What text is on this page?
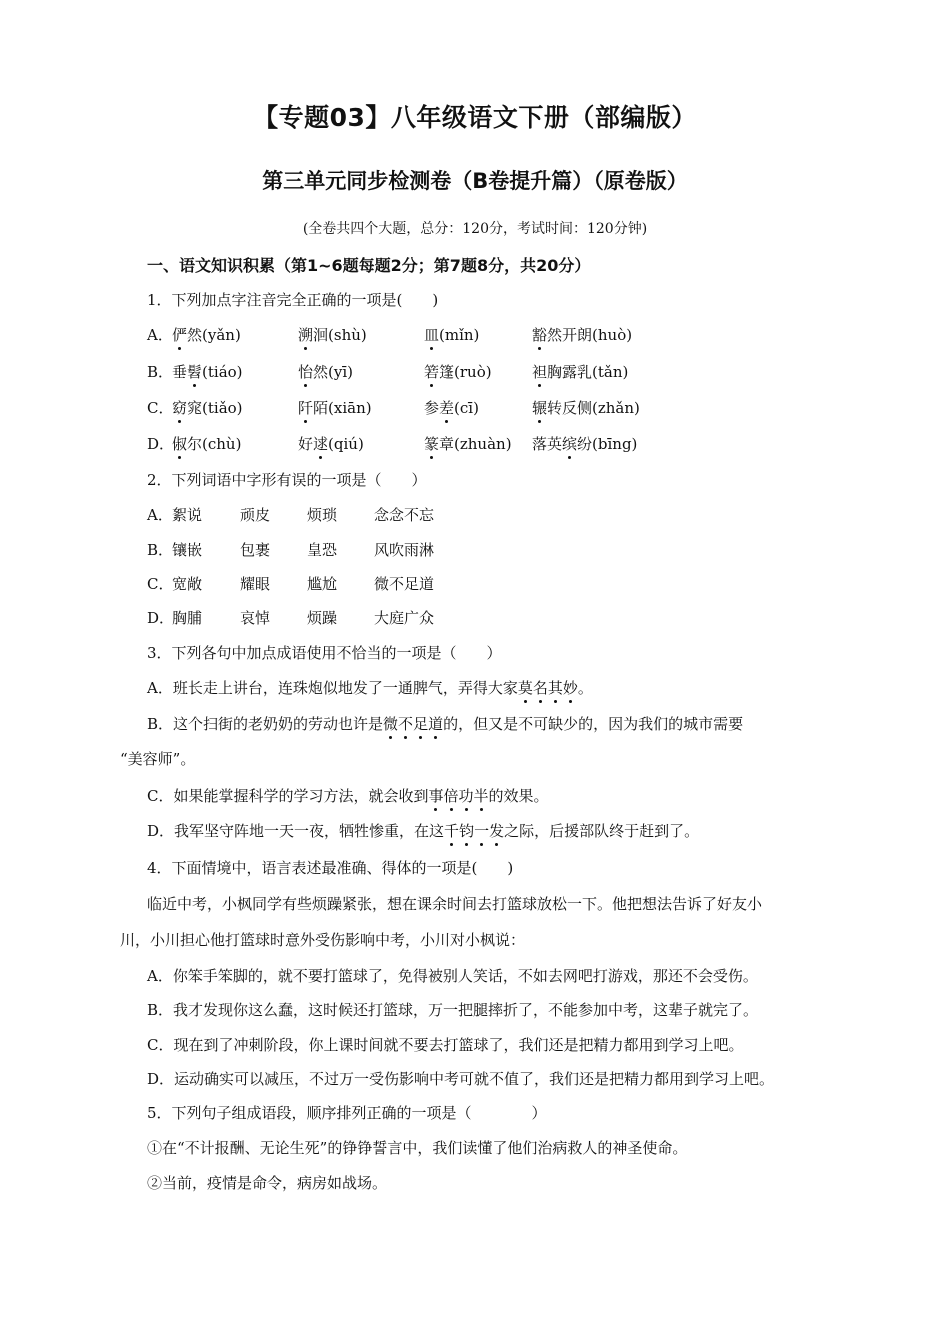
【专题03】八年级语文下册（部编版）
第三单元同步检测卷（B卷提升篇）（原卷版）
(全卷共四个大题，总分：120分，考试时间：120分钟)
一、语文知识积累（第1~6题每题2分；第7题8分，共20分）
1．下列加点字注音完全正确的一项是(　　)
A． 俨然(yǎn)	溯洄(shù)	皿(mǐn)	豁然开朗(huò)
B．
垂髫(tiáo)	怡然(yī)	箬篷(ruò)	袒胸露乳(tǎn)
C．
窈窕(tiǎo)	阡陌(xiān)	参差(cī)	辗转反侧(zhǎn)
D．
俶尔(chù)	好逑(qiú)	篆章(zhuàn) 落英缤纷(bīng)
2．下列词语中字形有误的一项是（　　）
A． 絮说	顽皮 烦琐 念念不忘
B．
镶嵌	包裹 皇恐 风吹雨淋
C．
宽敞	耀眼 尴尬 微不足道
D．
胸脯	哀悼 烦躁 大庭广众
3．下列各句中加点成语使用不恰当的一项是（　　）
A．班长走上讲台，连珠炮似地发了一通脾气，弄得大家莫名其妙。
B．这个扫街的老奶奶的劳动也许是微不足道的，但又是不可缺少的，因为我们的城市需要
“美容师”。
C．如果能掌握科学的学习方法，就会收到事倍功半的效果。
D．我军坚守阵地一天一夜，牺牲惨重，在这千钧一发之际，后援部队终于赶到了。
4．下面情境中，语言表述最准确、得体的一项是(　　)
临近中考，小枫同学有些烦躁紧张，想在课余时间去打篮球放松一下。他把想法告诉了好友小
川，小川担心他打篮球时意外受伤影响中考，小川对小枫说：
A．你笨手笨脚的，就不要打篮球了，免得被别人笑话，不如去网吧打游戏，那还不会受伤。
B．我才发现你这么蠢，这时候还打篮球，万一把腿摔折了，不能参加中考，这辈子就完了。
C．现在到了冲刺阶段，你上课时间就不要去打篮球了，我们还是把精力都用到学习上吧。
D．运动确实可以减压，不过万一受伤影响中考可就不值了，我们还是把精力都用到学习上吧。
5．下列句子组成语段，顺序排列正确的一项是（　　　　）
①在“不计报酬、无论生死”的铮铮誓言中，我们读懂了他们治病救人的神圣使命。
②当前，疫情是命令，病房如战场。
